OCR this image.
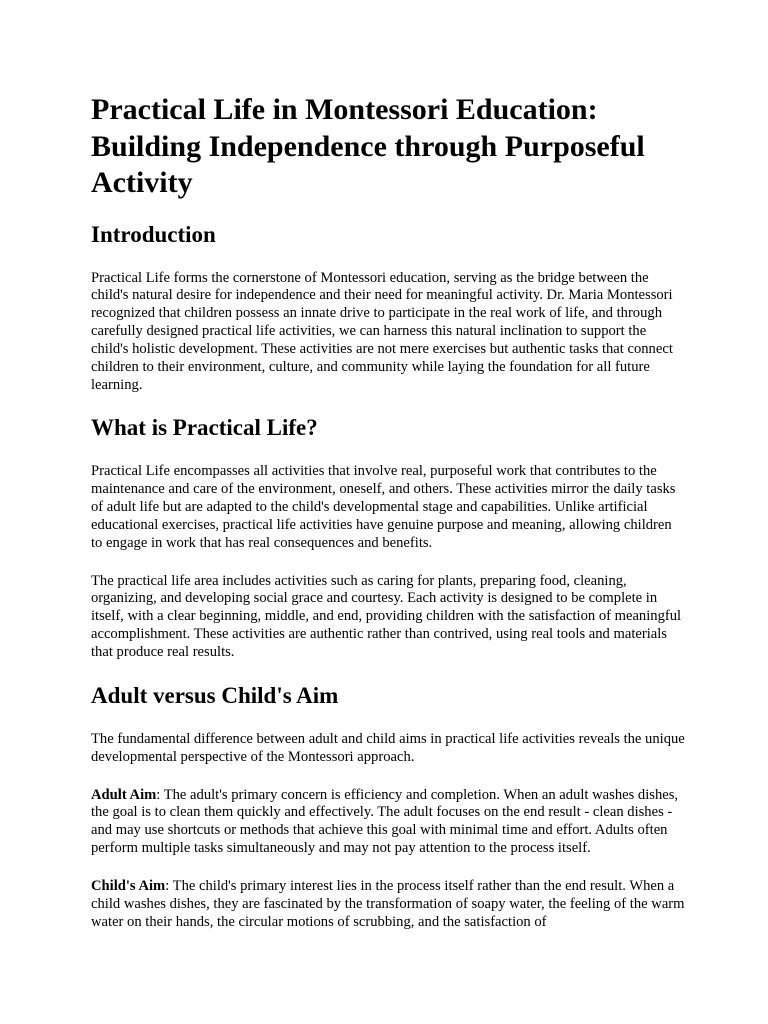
Practical Life in Montessori Education: Building Independence through Purposeful Activity
Introduction

Practical Life forms the cornerstone of Montessori education, serving as the bridge between the child's natural desire for independence and their need for meaningful activity. Dr. Maria Montessori recognized that children possess an innate drive to participate in the real work of life, and through carefully designed practical life activities, we can harness this natural inclination to support the child's holistic development. These activities are not mere exercises but authentic tasks that connect children to their environment, culture, and community while laying the foundation for all future learning.

What is Practical Life?

Practical Life encompasses all activities that involve real, purposeful work that contributes to the maintenance and care of the environment, oneself, and others. These activities mirror the daily tasks of adult life but are adapted to the child's developmental stage and capabilities. Unlike artificial educational exercises, practical life activities have genuine purpose and meaning, allowing children to engage in work that has real consequences and benefits.

The practical life area includes activities such as caring for plants, preparing food, cleaning, organizing, and developing social grace and courtesy. Each activity is designed to be complete in itself, with a clear beginning, middle, and end, providing children with the satisfaction of meaningful accomplishment. These activities are authentic rather than contrived, using real tools and materials that produce real results.

Adult versus Child's Aim

The fundamental difference between adult and child aims in practical life activities reveals the unique developmental perspective of the Montessori approach.

Adult Aim: The adult's primary concern is efficiency and completion. When an adult washes dishes, the goal is to clean them quickly and effectively. The adult focuses on the end result - clean dishes - and may use shortcuts or methods that achieve this goal with minimal time and effort. Adults often perform multiple tasks simultaneously and may not pay attention to the process itself.

Child's Aim: The child's primary interest lies in the process itself rather than the end result. When a child washes dishes, they are fascinated by the transformation of soapy water, the feeling of the warm water on their hands, the circular motions of scrubbing, and the satisfaction of
